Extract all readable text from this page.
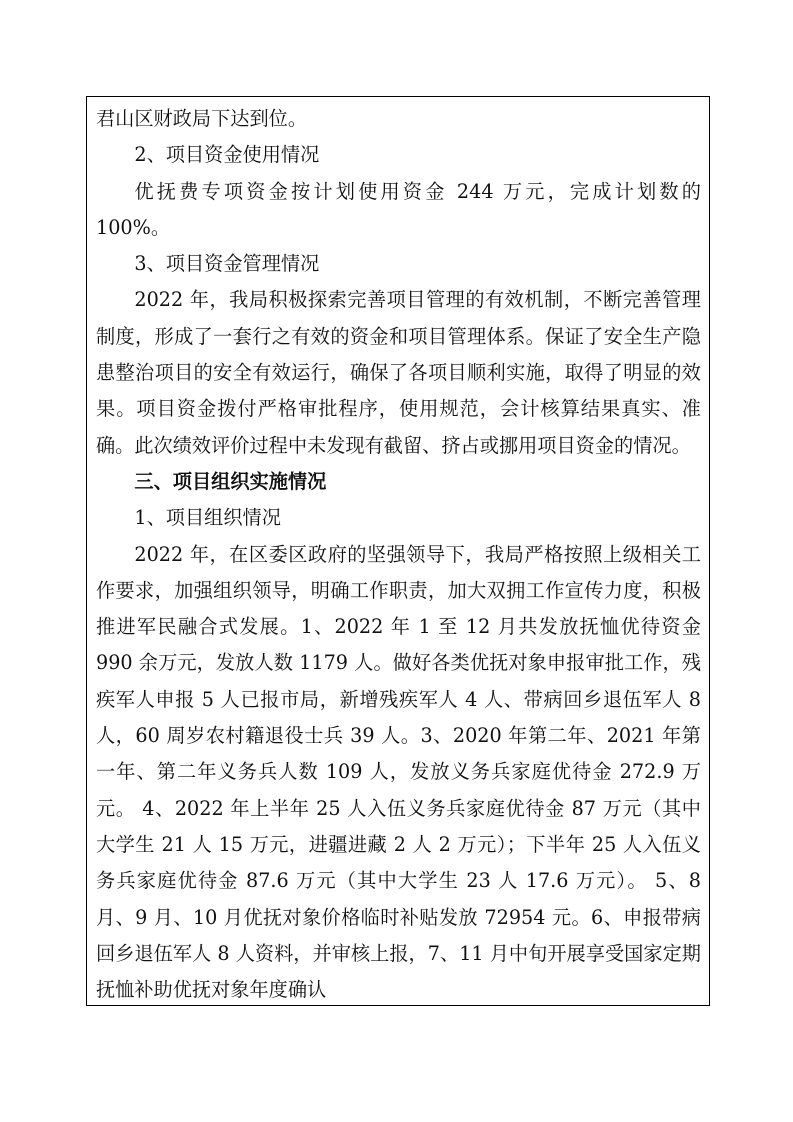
君山区财政局下达到位。

2、项目资金使用情况

优抚费专项资金按计划使用资金 244 万元，完成计划数的 100%。

3、项目资金管理情况

2022 年，我局积极探索完善项目管理的有效机制，不断完善管理制度，形成了一套行之有效的资金和项目管理体系。保证了安全生产隐患整治项目的安全有效运行，确保了各项目顺利实施，取得了明显的效果。项目资金拨付严格审批程序，使用规范，会计核算结果真实、准确。此次绩效评价过程中未发现有截留、挤占或挪用项目资金的情况。

三、项目组织实施情况

1、项目组织情况

2022 年，在区委区政府的坚强领导下，我局严格按照上级相关工作要求，加强组织领导，明确工作职责，加大双拥工作宣传力度，积极推进军民融合式发展。1、2022 年 1 至 12 月共发放抚恤优待资金 990 余万元，发放人数 1179 人。做好各类优抚对象申报审批工作，残疾军人申报 5 人已报市局，新增残疾军人 4 人、带病回乡退伍军人 8 人，60 周岁农村籍退役士兵 39 人。3、2020 年第二年、2021 年第一年、第二年义务兵人数 109 人，发放义务兵家庭优待金 272.9 万元。 4、2022 年上半年 25 人入伍义务兵家庭优待金 87 万元（其中大学生 21 人 15 万元，进疆进藏 2 人 2 万元）；下半年 25 人入伍义务兵家庭优待金 87.6 万元（其中大学生 23 人 17.6 万元）。 5、8 月、9 月、10 月优抚对象价格临时补贴发放 72954 元。6、申报带病回乡退伍军人 8 人资料，并审核上报，7、11 月中旬开展享受国家定期抚恤补助优抚对象年度确认
